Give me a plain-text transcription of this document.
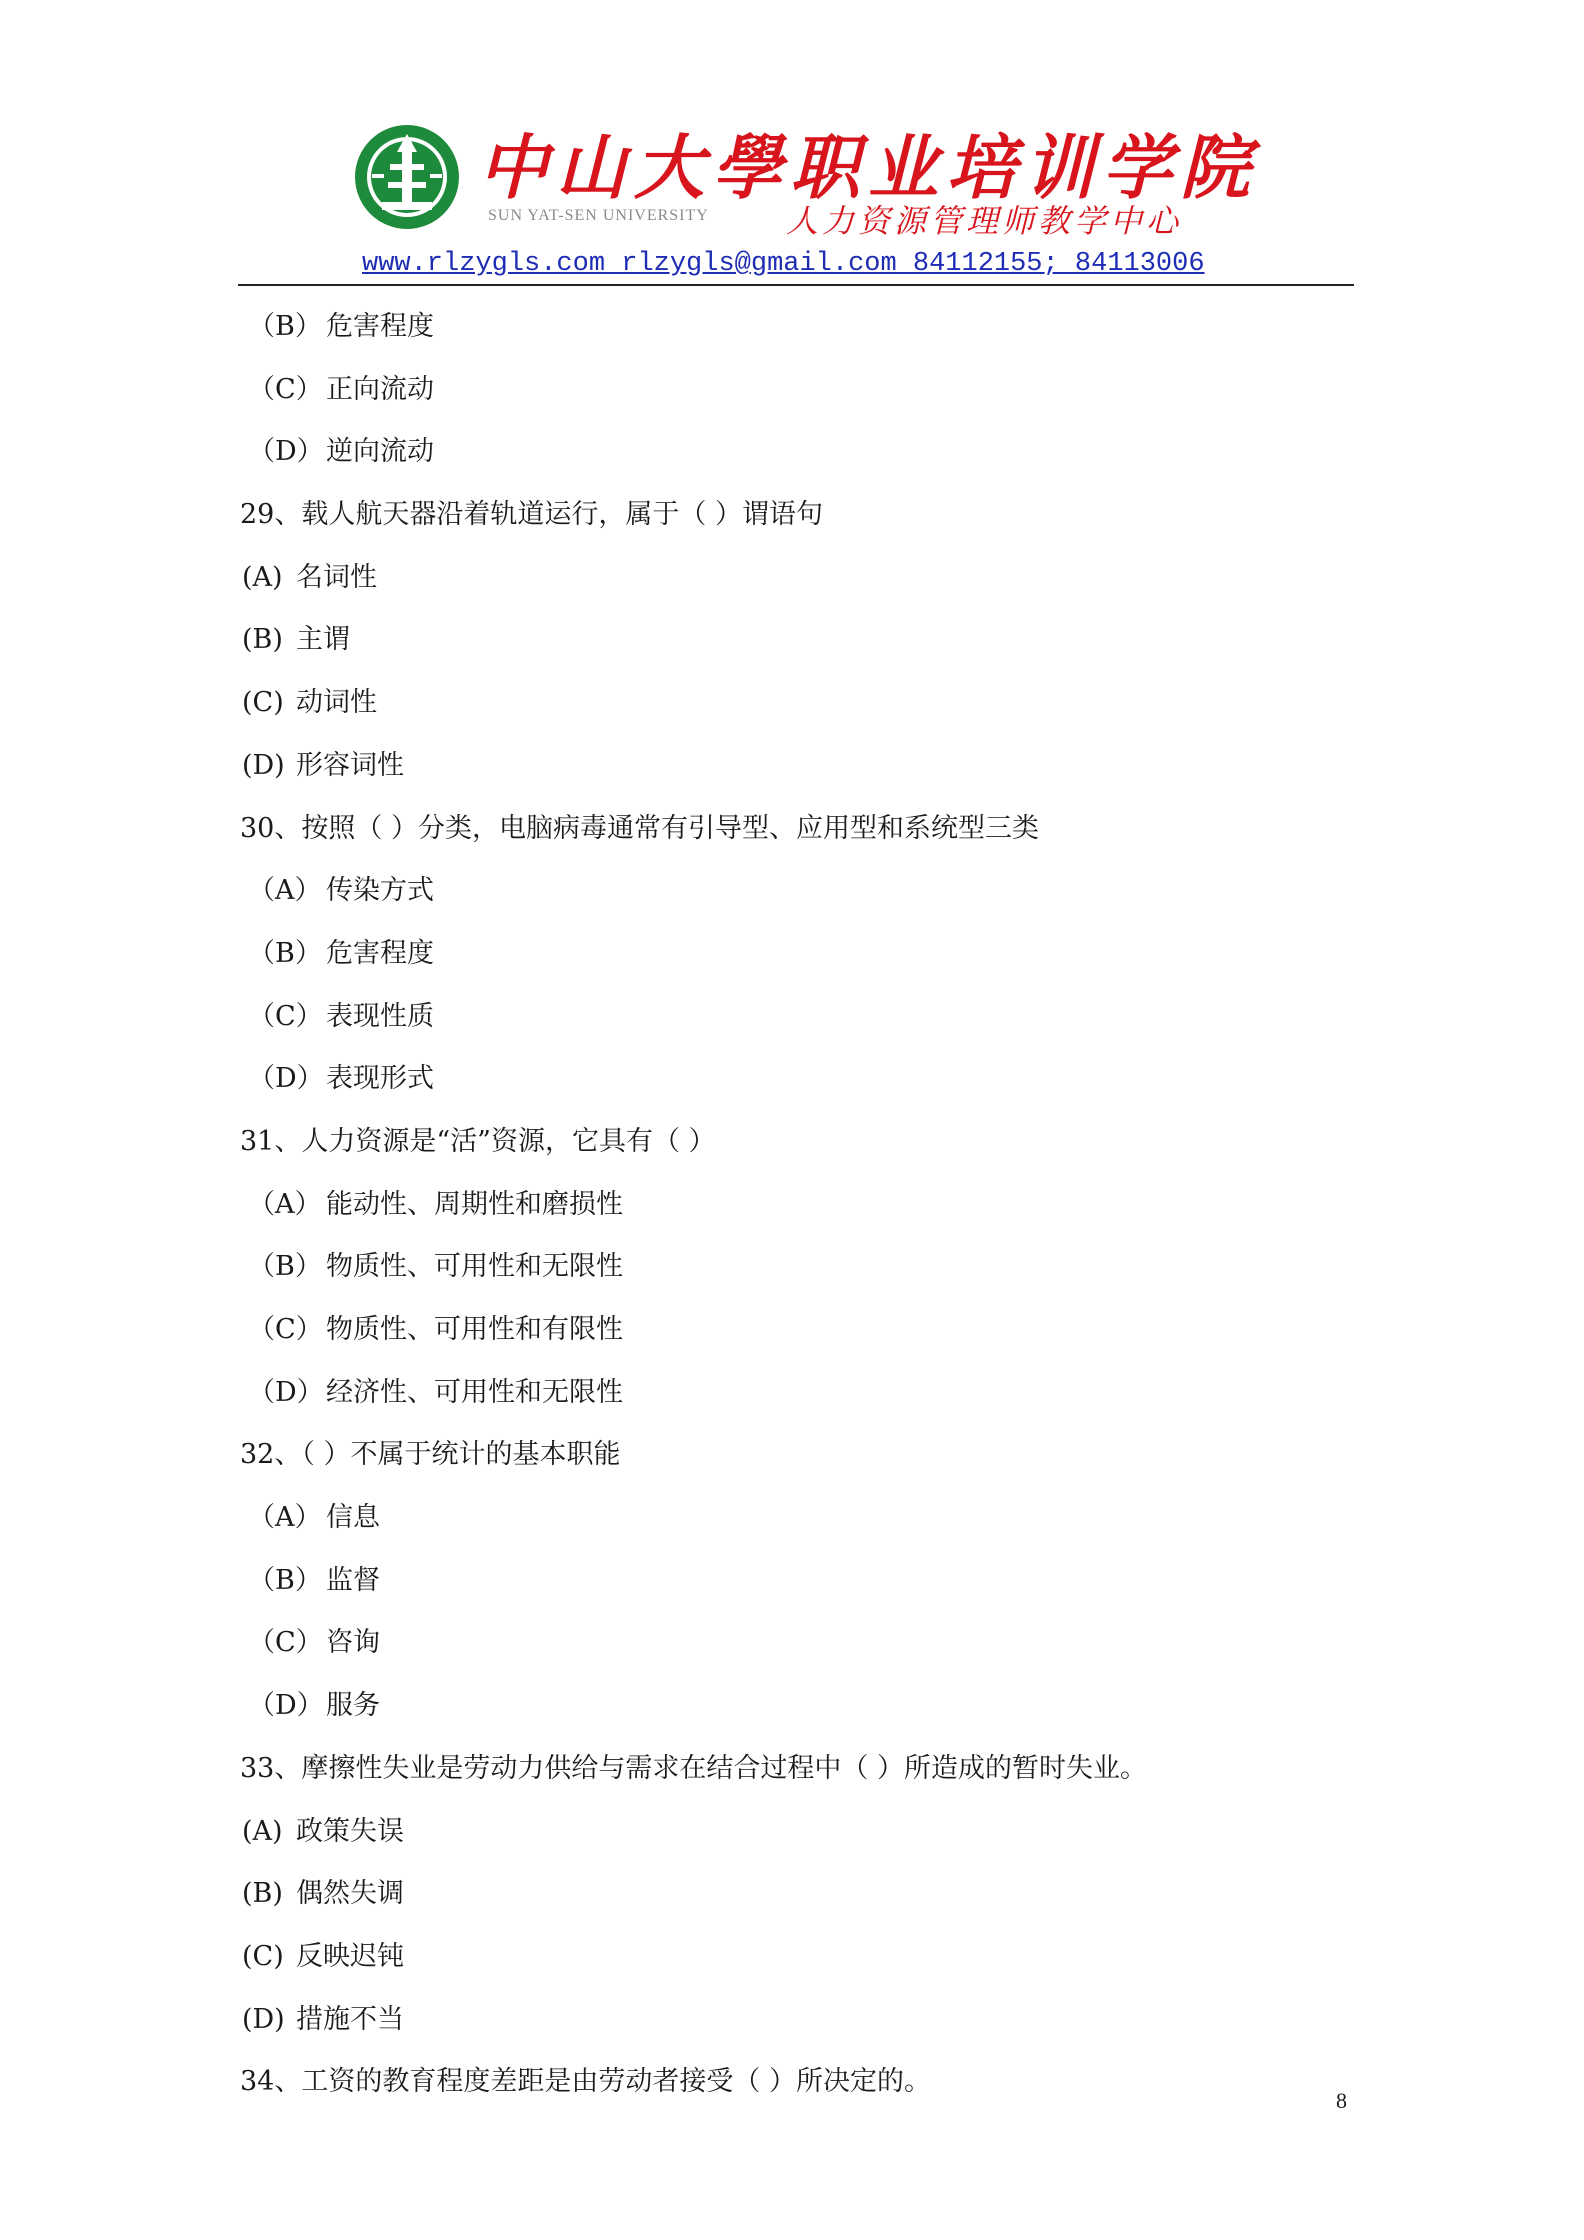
中山大學职业培训学院
SUN YAT-SEN UNIVERSITY 人力资源管理师教学中心
www.rlzygls.com rlzygls@gmail.com 84112155; 84113006
（B） 危害程度
（C） 正向流动
（D）逆向流动
29、载人航天器沿着轨道运行，属于（ ）谓语句
(A) 名词性
(B) 主谓
(C) 动词性
(D) 形容词性
30、按照（ ）分类，电脑病毒通常有引导型、应用型和系统型三类
（A） 传染方式
（B） 危害程度
（C） 表现性质
（D）表现形式
31、人力资源是“活”资源，它具有（ ）
（A） 能动性、周期性和磨损性
（B） 物质性、可用性和无限性
（C） 物质性、可用性和有限性
（D）经济性、可用性和无限性
32、（ ）不属于统计的基本职能
（A） 信息
（B） 监督
（C） 咨询
（D）服务
33、摩擦性失业是劳动力供给与需求在结合过程中（ ）所造成的暂时失业。
(A) 政策失误
(B) 偶然失调
(C) 反映迟钝
(D) 措施不当
34、工资的教育程度差距是由劳动者接受（ ）所决定的。
8
